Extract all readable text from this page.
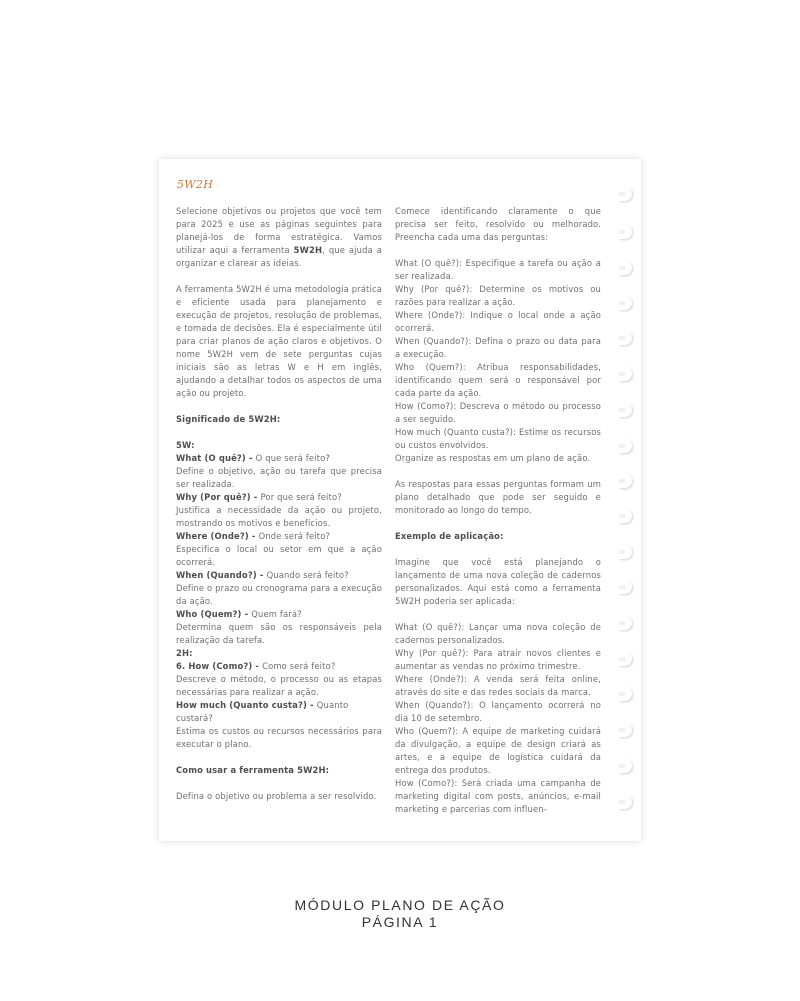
5W2H

Selecione objetivos ou projetos que você tem para 2025 e use as páginas seguintes para planejá-los de forma estratégica. Vamos utilizar aqui a ferramenta 5W2H, que ajuda a organizar e clarear as ideias.

A ferramenta 5W2H é uma metodologia prática e eficiente usada para planejamento e execução de projetos, resolução de problemas, e tomada de decisões. Ela é especialmente útil para criar planos de ação claros e objetivos. O nome 5W2H vem de sete perguntas cujas iniciais são as letras W e H em inglês, ajudando a detalhar todos os aspectos de uma ação ou projeto.

Significado de 5W2H:

5W:

What (O quê?) - O que será feito?

Define o objetivo, ação ou tarefa que precisa ser realizada.

Why (Por quê?) - Por que será feito?

Justifica a necessidade da ação ou projeto, mostrando os motivos e benefícios.

Where (Onde?) - Onde será feito?

Especifica o local ou setor em que a ação ocorrerá.

When (Quando?) - Quando será feito?

Define o prazo ou cronograma para a execução da ação.

Who (Quem?) - Quem fará?

Determina quem são os responsáveis pela realização da tarefa.

2H:

6. How (Como?) - Como será feito?

Descreve o método, o processo ou as etapas necessárias para realizar a ação.

How much (Quanto custa?) - Quanto custará?

Estima os custos ou recursos necessários para executar o plano.

Como usar a ferramenta 5W2H:

Defina o objetivo ou problema a ser resolvido.

Comece identificando claramente o que precisa ser feito, resolvido ou melhorado. Preencha cada uma das perguntas:

What (O quê?): Especifique a tarefa ou ação a ser realizada.

Why (Por quê?): Determine os motivos ou razões para realizar a ação.

Where (Onde?): Indique o local onde a ação ocorrerá.

When (Quando?): Defina o prazo ou data para a execução.

Who (Quem?): Atribua responsabilidades, identificando quem será o responsável por cada parte da ação.

How (Como?): Descreva o método ou processo a ser seguido.

How much (Quanto custa?): Estime os recursos ou custos envolvidos.

Organize as respostas em um plano de ação.

As respostas para essas perguntas formam um plano detalhado que pode ser seguido e monitorado ao longo do tempo.

Exemplo de aplicação:

Imagine que você está planejando o lançamento de uma nova coleção de cadernos personalizados. Aqui está como a ferramenta 5W2H poderia ser aplicada:

What (O quê?): Lançar uma nova coleção de cadernos personalizados.

Why (Por quê?): Para atrair novos clientes e aumentar as vendas no próximo trimestre.

Where (Onde?): A venda será feita online, através do site e das redes sociais da marca.

When (Quando?): O lançamento ocorrerá no dia 10 de setembro.

Who (Quem?): A equipe de marketing cuidará da divulgação, a equipe de design criará as artes, e a equipe de logística cuidará da entrega dos produtos.

How (Como?): Será criada uma campanha de marketing digital com posts, anúncios, e-mail marketing e parcerias com influen-

MÓDULO PLANO DE AÇÃO
PÁGINA 1
